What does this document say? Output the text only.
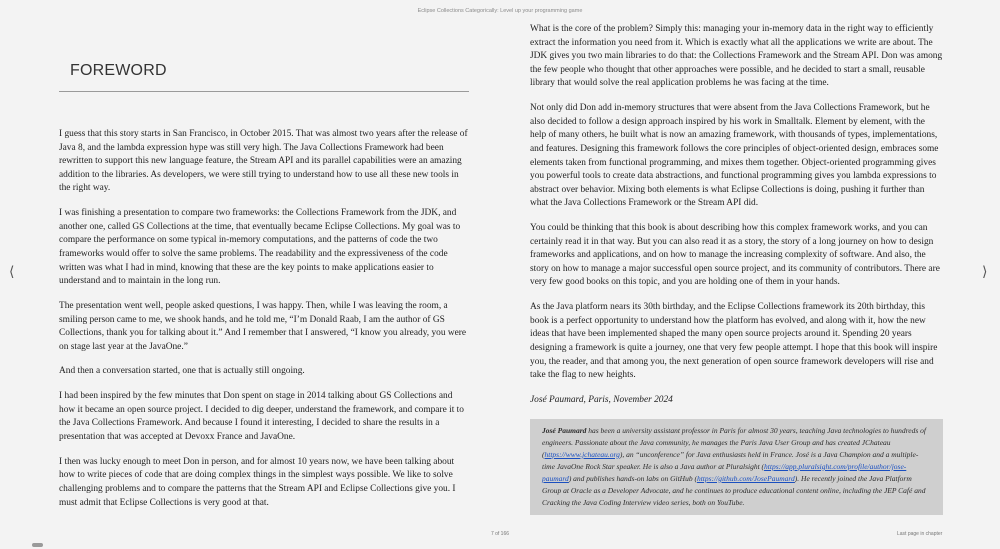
Eclipse Collections Categorically: Level up your programming game
FOREWORD

I guess that this story starts in San Francisco, in October 2015. That was almost two years after the release of Java 8, and the lambda expression hype was still very high. The Java Collections Framework had been rewritten to support this new language feature, the Stream API and its parallel capabilities were an amazing addition to the libraries. As developers, we were still trying to understand how to use all these new tools in the right way.

I was finishing a presentation to compare two frameworks: the Collections Framework from the JDK, and another one, called GS Collections at the time, that eventually became Eclipse Collections. My goal was to compare the performance on some typical in-memory computations, and the patterns of code the two frameworks would offer to solve the same problems. The readability and the expressiveness of the code written was what I had in mind, knowing that these are the key points to make applications easier to understand and to maintain in the long run.

The presentation went well, people asked questions, I was happy. Then, while I was leaving the room, a smiling person came to me, we shook hands, and he told me, “I’m Donald Raab, I am the author of GS Collections, thank you for talking about it.” And I remember that I answered, “I know you already, you were on stage last year at the JavaOne.”

And then a conversation started, one that is actually still ongoing.

I had been inspired by the few minutes that Don spent on stage in 2014 talking about GS Collections and how it became an open source project. I decided to dig deeper, understand the framework, and compare it to the Java Collections Framework. And because I found it interesting, I decided to share the results in a presentation that was accepted at Devoxx France and JavaOne.

I then was lucky enough to meet Don in person, and for almost 10 years now, we have been talking about how to write pieces of code that are doing complex things in the simplest ways possible. We like to solve challenging problems and to compare the patterns that the Stream API and Eclipse Collections give you. I must admit that Eclipse Collections is very good at that.

What is the core of the problem? Simply this: managing your in-memory data in the right way to efficiently extract the information you need from it. Which is exactly what all the applications we write are about. The JDK gives you two main libraries to do that: the Collections Framework and the Stream API. Don was among the few people who thought that other approaches were possible, and he decided to start a small, reusable library that would solve the real application problems he was facing at the time.

Not only did Don add in-memory structures that were absent from the Java Collections Framework, but he also decided to follow a design approach inspired by his work in Smalltalk. Element by element, with the help of many others, he built what is now an amazing framework, with thousands of types, implementations, and features. Designing this framework follows the core principles of object-oriented design, embraces some elements taken from functional programming, and mixes them together. Object-oriented programming gives you powerful tools to create data abstractions, and functional programming gives you lambda expressions to abstract over behavior. Mixing both elements is what Eclipse Collections is doing, pushing it further than what the Java Collections Framework or the Stream API did.

You could be thinking that this book is about describing how this complex framework works, and you can certainly read it in that way. But you can also read it as a story, the story of a long journey on how to design frameworks and applications, and on how to manage the increasing complexity of software. And also, the story on how to manage a major successful open source project, and its community of contributors. There are very few good books on this topic, and you are holding one of them in your hands.

As the Java platform nears its 30th birthday, and the Eclipse Collections framework its 20th birthday, this book is a perfect opportunity to understand how the platform has evolved, and along with it, how the new ideas that have been implemented shaped the many open source projects around it. Spending 20 years designing a framework is quite a journey, one that very few people attempt. I hope that this book will inspire you, the reader, and that among you, the next generation of open source framework developers will rise and take the flag to new heights.

José Paumard, Paris, November 2024

José Paumard has been a university assistant professor in Paris for almost 30 years, teaching Java technologies to hundreds of engineers. Passionate about the Java community, he manages the Paris Java User Group and has created JChateau (https://www.jchateau.org), an “unconference” for Java enthusiasts held in France. José is a Java Champion and a multiple-time JavaOne Rock Star speaker. He is also a Java author at Pluralsight (https://app.pluralsight.com/profile/author/jose-paumard) and publishes hands-on labs on GitHub (https://github.com/JosePaumard). He recently joined the Java Platform Group at Oracle as a Developer Advocate, and he continues to produce educational content online, including the JEP Café and Cracking the Java Coding Interview video series, both on YouTube.
⟨	⟩
7 of 166	Last page in chapter
